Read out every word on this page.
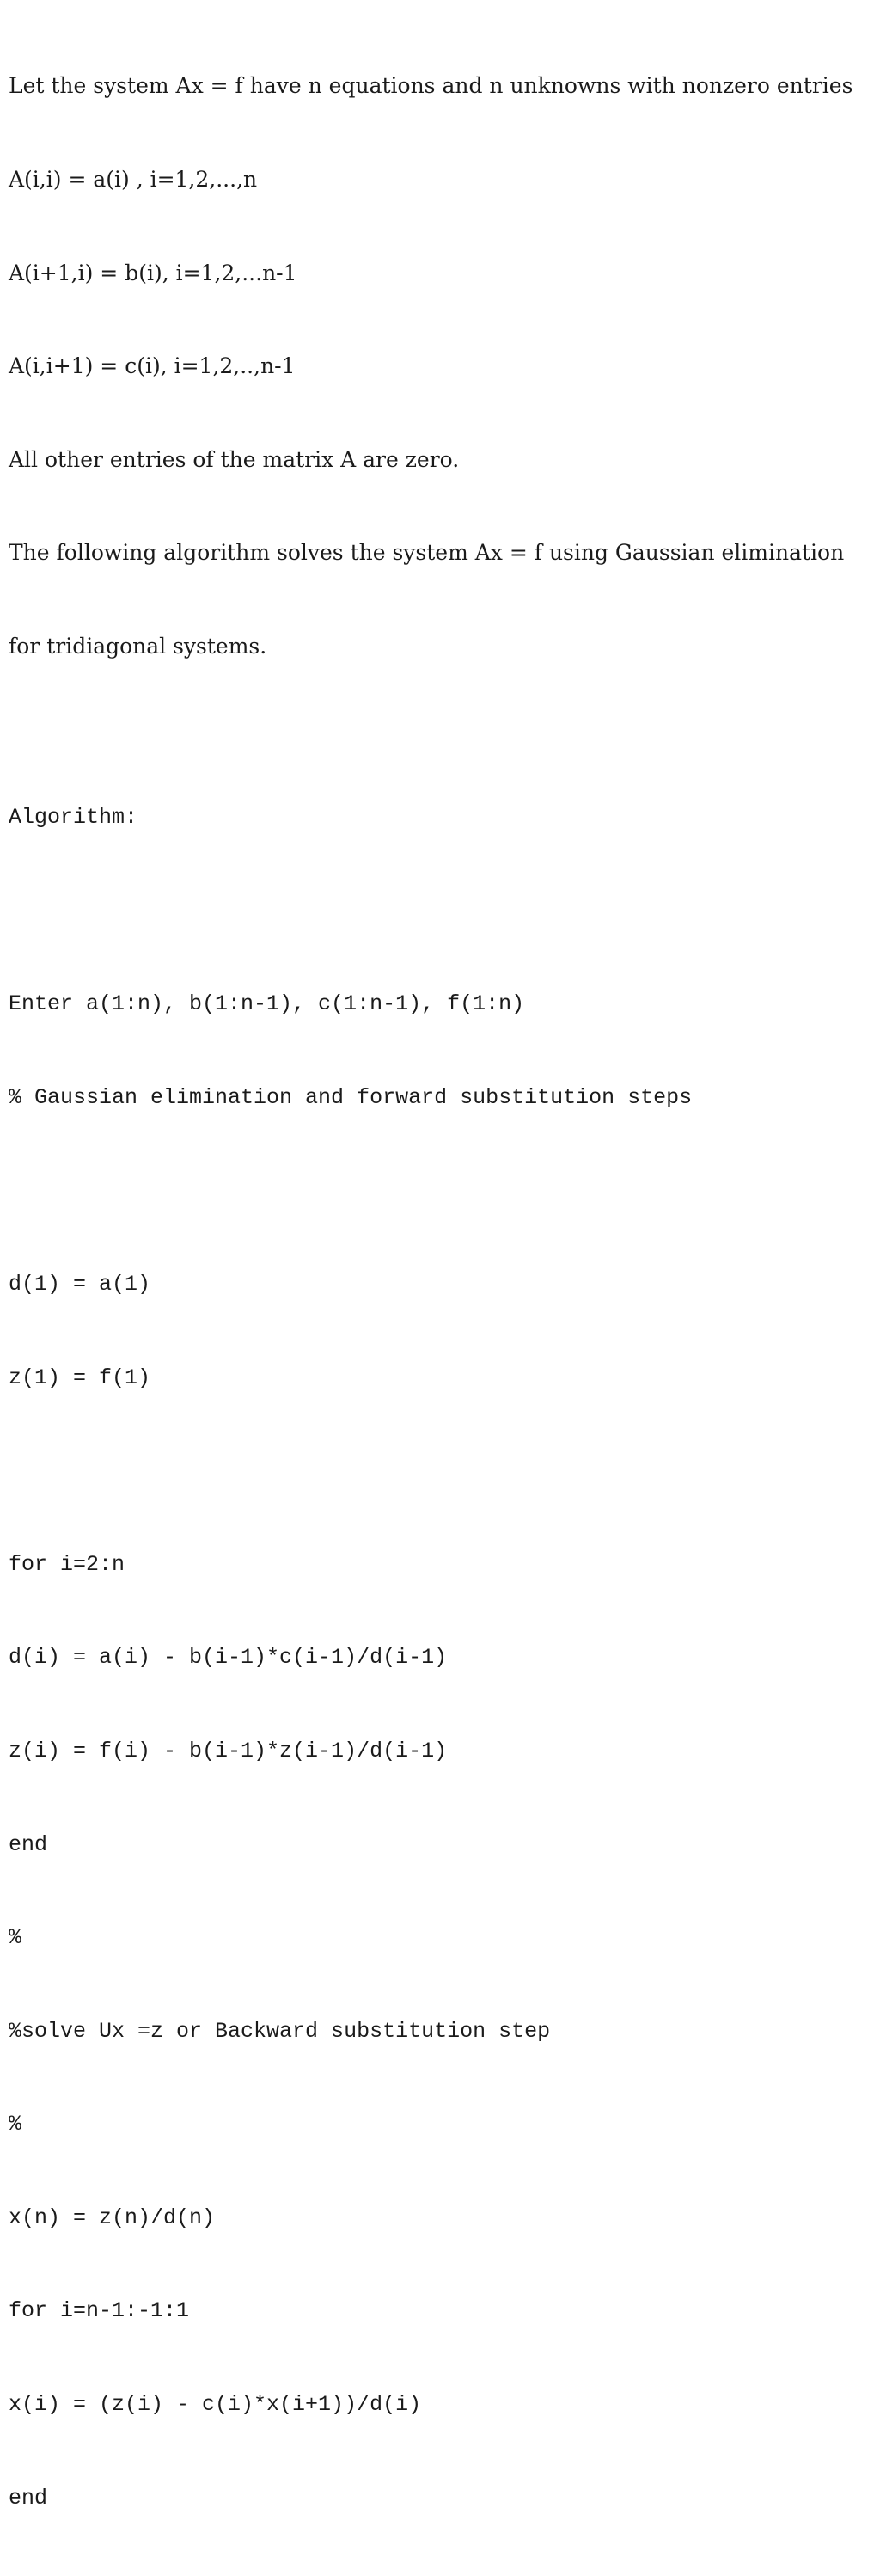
Let the system Ax = f have n equations and n unknowns with nonzero entries

A(i,i) = a(i) , i=1,2,...,n

A(i+1,i) = b(i), i=1,2,...n-1

A(i,i+1) = c(i), i=1,2,..,n-1

All other entries of the matrix A are zero.

The following algorithm solves the system Ax = f using Gaussian elimination

for tridiagonal systems.

Algorithm:

Enter a(1:n), b(1:n-1), c(1:n-1), f(1:n)

% Gaussian elimination and forward substitution steps

d(1) = a(1)

z(1) = f(1)

for i=2:n

d(i) = a(i) - b(i-1)*c(i-1)/d(i-1)

z(i) = f(i) - b(i-1)*z(i-1)/d(i-1)

end

%

%solve Ux =z or Backward substitution step

%

x(n) = z(n)/d(n)

for i=n-1:-1:1

x(i) = (z(i) - c(i)*x(i+1))/d(i)

end
